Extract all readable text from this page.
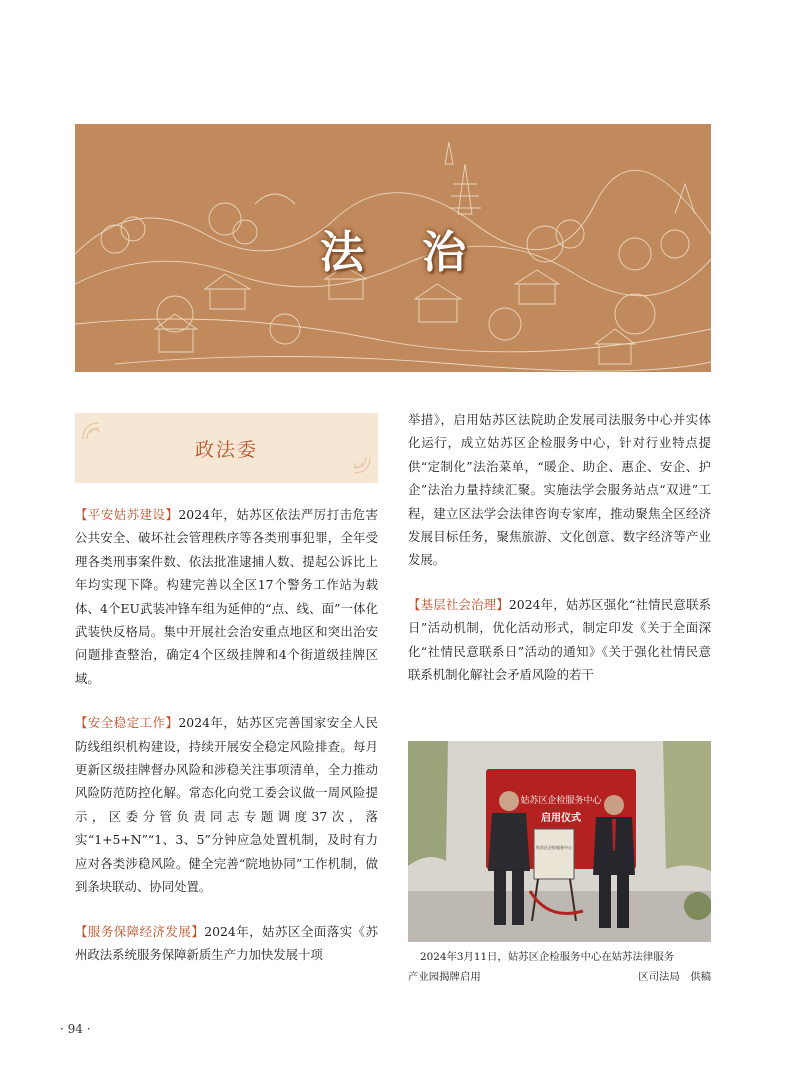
法治
政法委

【平安姑苏建设】2024年，姑苏区依法严厉打击危害公共安全、破坏社会管理秩序等各类刑事犯罪，全年受理各类刑事案件数、依法批准逮捕人数、提起公诉比上年均实现下降。构建完善以全区17个警务工作站为载体、4个EU武装冲锋车组为延伸的“点、线、面”一体化武装快反格局。集中开展社会治安重点地区和突出治安问题排查整治，确定4个区级挂牌和4个街道级挂牌区域。

【安全稳定工作】2024年，姑苏区完善国家安全人民防线组织机构建设，持续开展安全稳定风险排查。每月更新区级挂牌督办风险和涉稳关注事项清单，全力推动风险防范防控化解。常态化向党工委会议做一周风险提示，区委分管负责同志专题调度37次，落实“1+5+N”“1、3、5”分钟应急处置机制，及时有力应对各类涉稳风险。健全完善“院地协同”工作机制，做到条块联动、协同处置。

【服务保障经济发展】2024年，姑苏区全面落实《苏州政法系统服务保障新质生产力加快发展十项

举措》，启用姑苏区法院助企发展司法服务中心并实体化运行，成立姑苏区企检服务中心，针对行业特点提供“定制化”法治菜单，“暖企、助企、惠企、安企、护企”法治力量持续汇聚。实施法学会服务站点“双进”工程，建立区法学会法律咨询专家库，推动聚焦全区经济发展目标任务，聚焦旅游、文化创意、数字经济等产业发展。

【基层社会治理】2024年，姑苏区强化“社情民意联系日”活动机制，优化活动形式，制定印发《关于全面深化“社情民意联系日”活动的通知》《关于强化社情民意联系机制化解社会矛盾风险的若干

姑苏区企检服务中心
启用仪式
姑苏区企检服务中心
2024年3月11日，姑苏区企检服务中心在姑苏法律服务
产业园揭牌启用	区司法局　供稿
· 94 ·
